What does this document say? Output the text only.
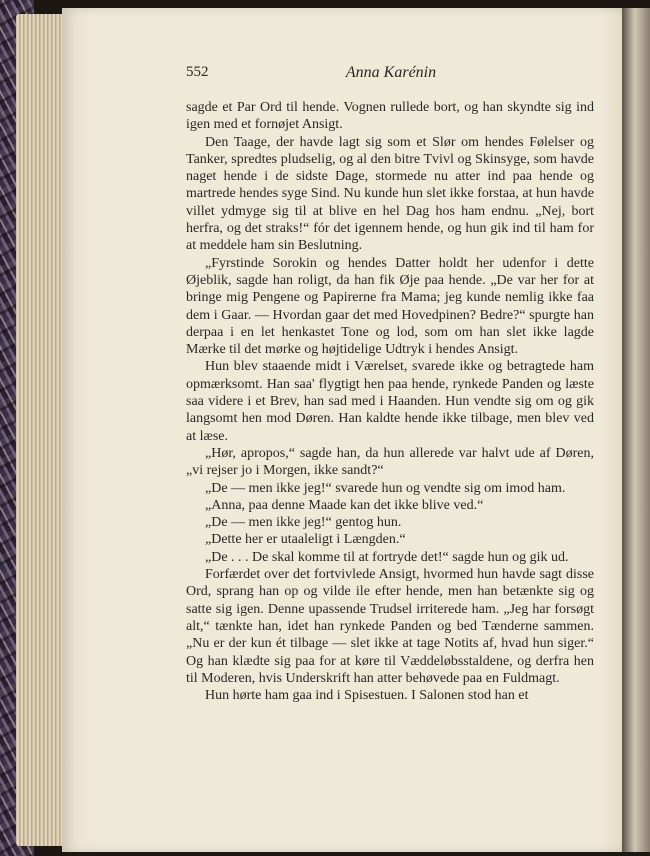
552	Anna Karénin

sagde et Par Ord til hende. Vognen rullede bort, og han skyndte sig ind igen med et fornøjet Ansigt.

Den Taage, der havde lagt sig som et Slør om hendes Følelser og Tanker, spredtes pludselig, og al den bitre Tvivl og Skinsyge, som havde naget hende i de sidste Dage, stormede nu atter ind paa hende og martrede hendes syge Sind. Nu kunde hun slet ikke forstaa, at hun havde villet ydmyge sig til at blive en hel Dag hos ham endnu. „Nej, bort herfra, og det straks!“ fór det igennem hende, og hun gik ind til ham for at meddele ham sin Beslutning.

„Fyrstinde Sorokin og hendes Datter holdt her udenfor i dette Øjeblik, sagde han roligt, da han fik Øje paa hende. „De var her for at bringe mig Pengene og Papirerne fra Mama; jeg kunde nemlig ikke faa dem i Gaar. — Hvordan gaar det med Hovedpinen? Bedre?“ spurgte han derpaa i en let henkastet Tone og lod, som om han slet ikke lagde Mærke til det mørke og højtidelige Udtryk i hendes Ansigt.

Hun blev staaende midt i Værelset, svarede ikke og betragtede ham opmærksomt. Han saa' flygtigt hen paa hende, rynkede Panden og læste saa videre i et Brev, han sad med i Haanden. Hun vendte sig om og gik langsomt hen mod Døren. Han kaldte hende ikke tilbage, men blev ved at læse.

„Hør, apropos,“ sagde han, da hun allerede var halvt ude af Døren, „vi rejser jo i Morgen, ikke sandt?“

„De — men ikke jeg!“ svarede hun og vendte sig om imod ham.

„Anna, paa denne Maade kan det ikke blive ved.“

„De — men ikke jeg!“ gentog hun.

„Dette her er utaaleligt i Længden.“

„De . . . De skal komme til at fortryde det!“ sagde hun og gik ud.

Forfærdet over det fortvivlede Ansigt, hvormed hun havde sagt disse Ord, sprang han op og vilde ile efter hende, men han betænkte sig og satte sig igen. Denne upassende Trudsel irriterede ham. „Jeg har forsøgt alt,“ tænkte han, idet han rynkede Panden og bed Tænderne sammen. „Nu er der kun ét tilbage — slet ikke at tage Notits af, hvad hun siger.“ Og han klædte sig paa for at køre til Væddeløbsstaldene, og derfra hen til Moderen, hvis Underskrift han atter behøvede paa en Fuldmagt.

Hun hørte ham gaa ind i Spisestuen. I Salonen stod han et
